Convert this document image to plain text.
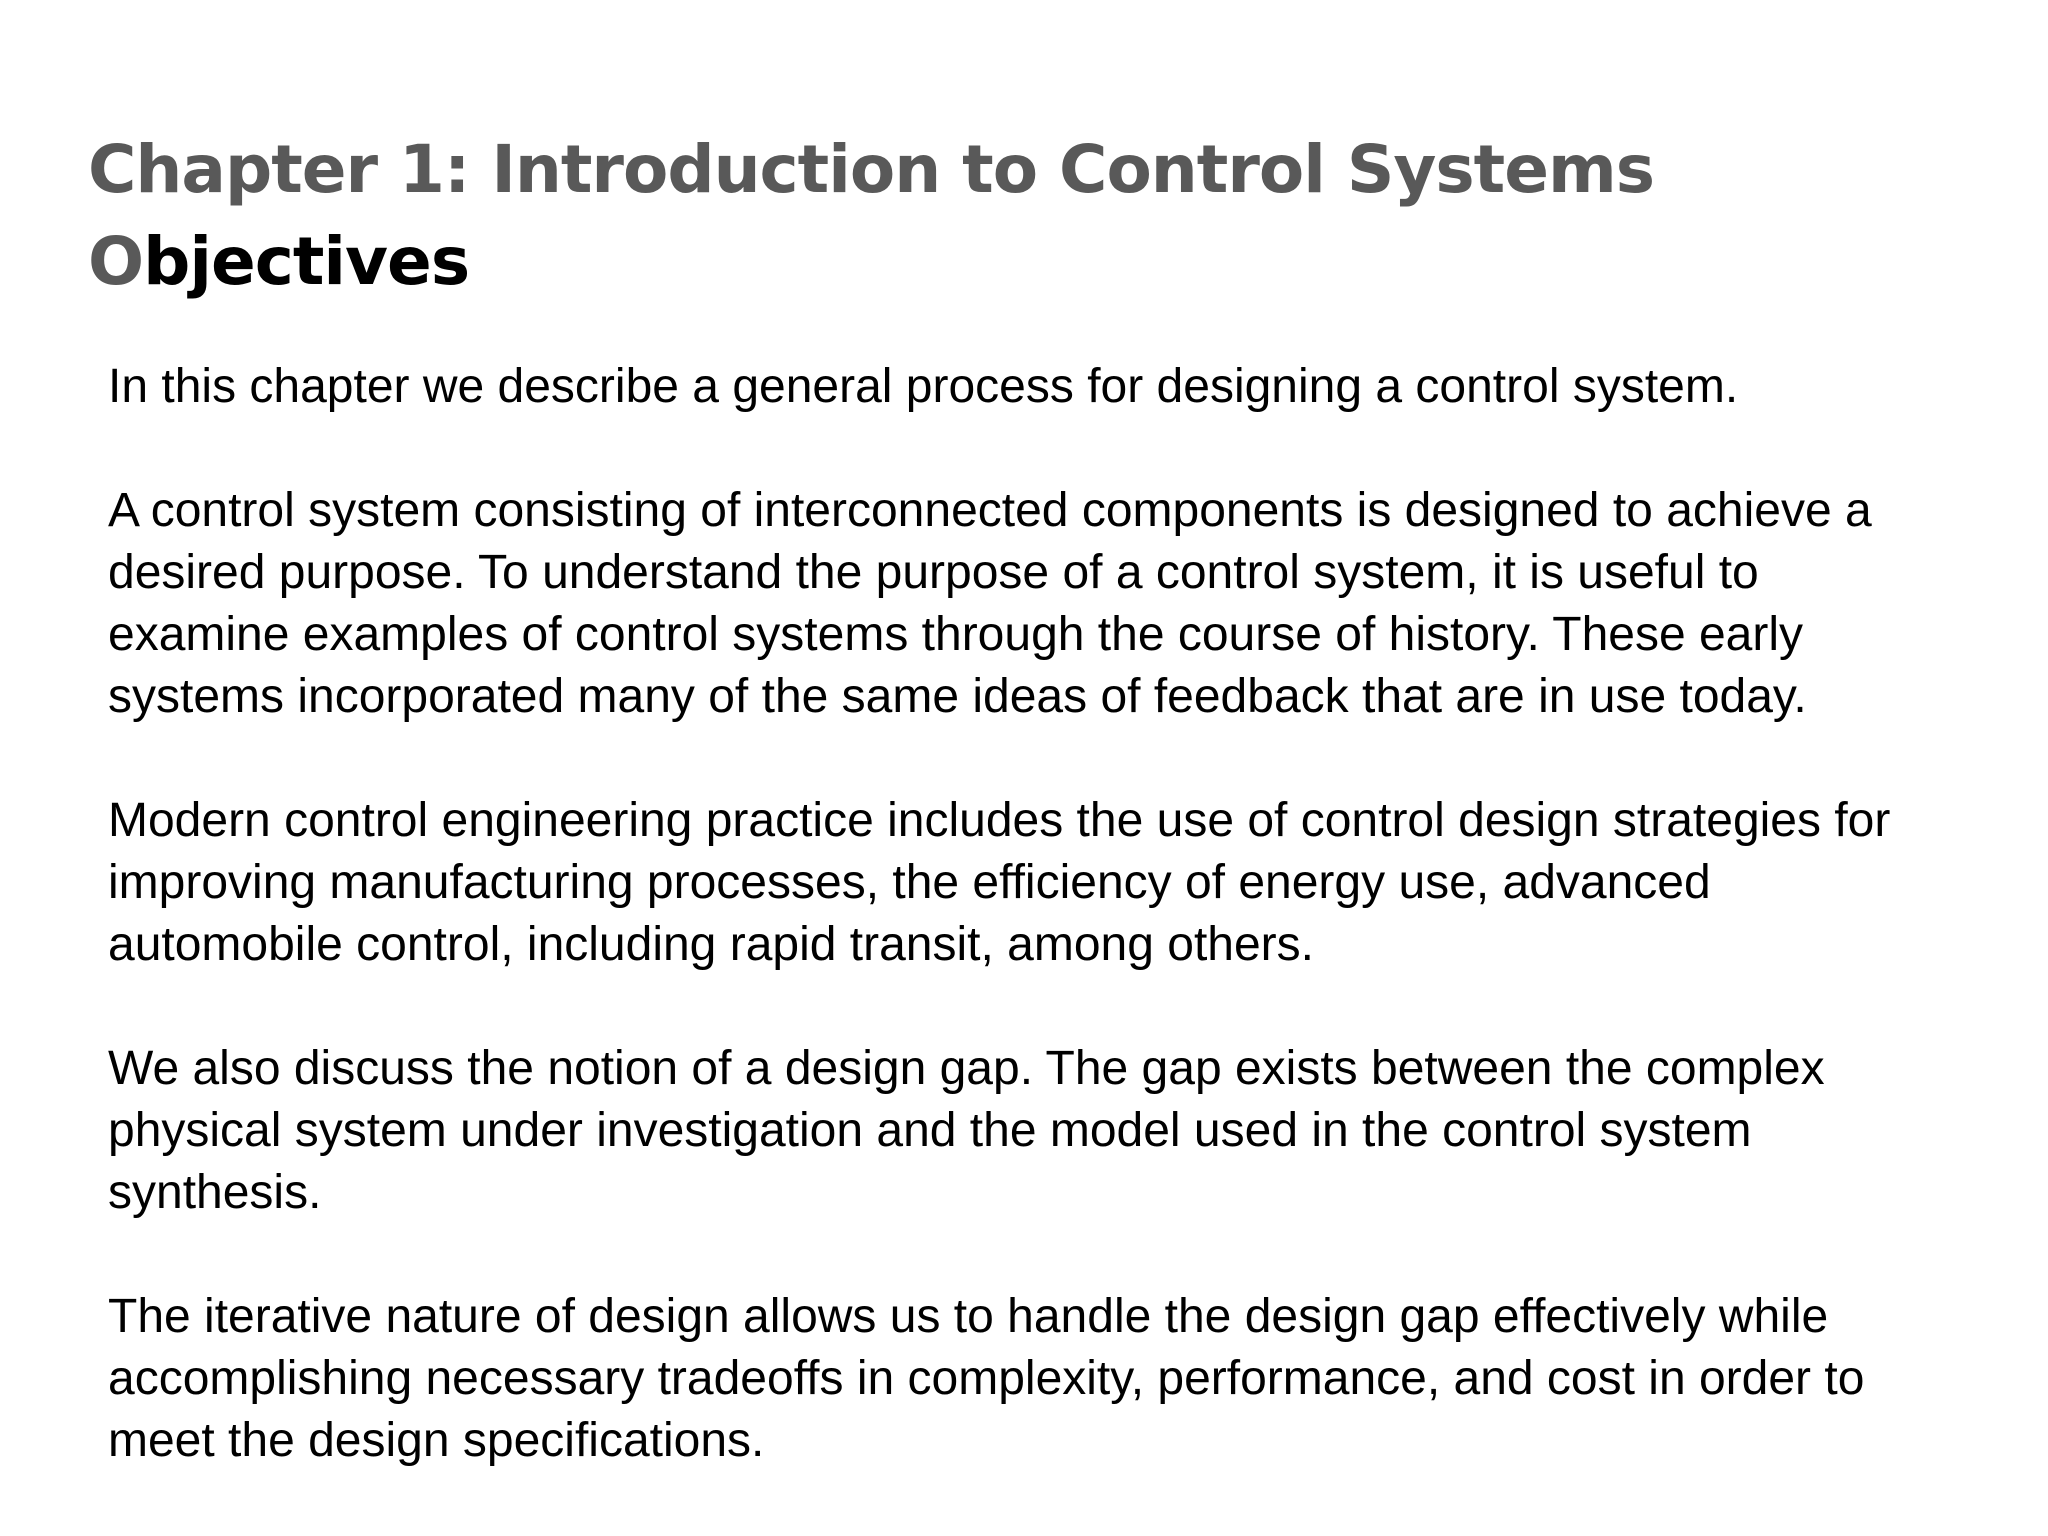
Chapter 1: Introduction to Control Systems
Objectives

In this chapter we describe a general process for designing a control system.

A control system consisting of interconnected components is designed to achieve a
desired purpose. To understand the purpose of a control system, it is useful to
examine examples of control systems through the course of history. These early
systems incorporated many of the same ideas of feedback that are in use today.

Modern control engineering practice includes the use of control design strategies for
improving manufacturing processes, the efficiency of energy use, advanced
automobile control, including rapid transit, among others.

We also discuss the notion of a design gap. The gap exists between the complex
physical system under investigation and the model used in the control system
synthesis.

The iterative nature of design allows us to handle the design gap effectively while
accomplishing necessary tradeoffs in complexity, performance, and cost in order to
meet the design specifications.
